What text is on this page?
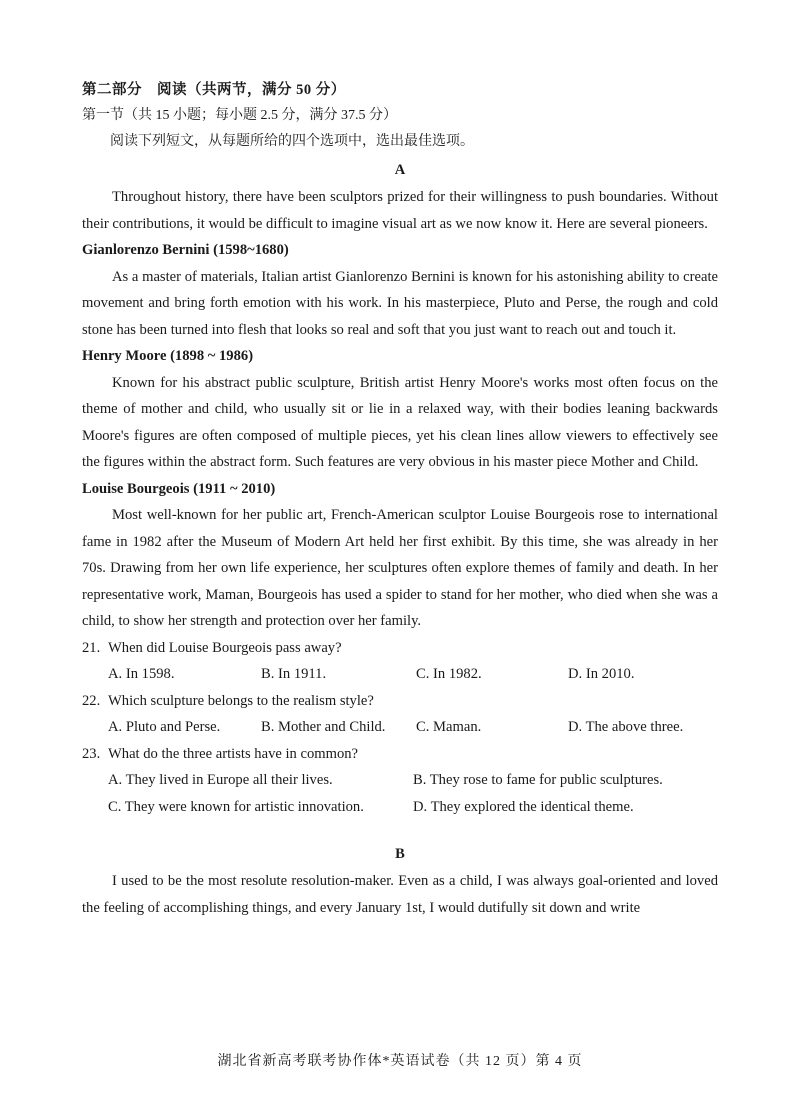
第二部分　阅读（共两节，满分 50 分）
第一节（共 15 小题；每小题 2.5 分，满分 37.5 分）
阅读下列短文，从每题所给的四个选项中，选出最佳选项。
A

Throughout history, there have been sculptors prized for their willingness to push boundaries. Without their contributions, it would be difficult to imagine visual art as we now know it. Here are several pioneers.

Gianlorenzo Bernini (1598~1680)

As a master of materials, Italian artist Gianlorenzo Bernini is known for his astonishing ability to create movement and bring forth emotion with his work. In his masterpiece, Pluto and Perse, the rough and cold stone has been turned into flesh that looks so real and soft that you just want to reach out and touch it.

Henry Moore (1898 ~ 1986)

Known for his abstract public sculpture, British artist Henry Moore's works most often focus on the theme of mother and child, who usually sit or lie in a relaxed way, with their bodies leaning backwards Moore's figures are often composed of multiple pieces, yet his clean lines allow viewers to effectively see the figures within the abstract form. Such features are very obvious in his master piece Mother and Child.

Louise Bourgeois (1911 ~ 2010)

Most well-known for her public art, French-American sculptor Louise Bourgeois rose to international fame in 1982 after the Museum of Modern Art held her first exhibit. By this time, she was already in her 70s. Drawing from her own life experience, her sculptures often explore themes of family and death. In her representative work, Maman, Bourgeois has used a spider to stand for her mother, who died when she was a child, to show her strength and protection over her family.

21. When did Louise Bourgeois pass away?
A. In 1598.	B. In 1911.	C. In 1982.	D. In 2010.
22. Which sculpture belongs to the realism style?
A. Pluto and Perse.	B. Mother and Child.	C. Maman.	D. The above three.
23. What do the three artists have in common?
A. They lived in Europe all their lives.	B. They rose to fame for public sculptures.
C. They were known for artistic innovation.	D. They explored the identical theme.
B

I used to be the most resolute resolution-maker. Even as a child, I was always goal-oriented and loved the feeling of accomplishing things, and every January 1st, I would dutifully sit down and write

湖北省新高考联考协作体*英语试卷（共 12 页）第 4 页
